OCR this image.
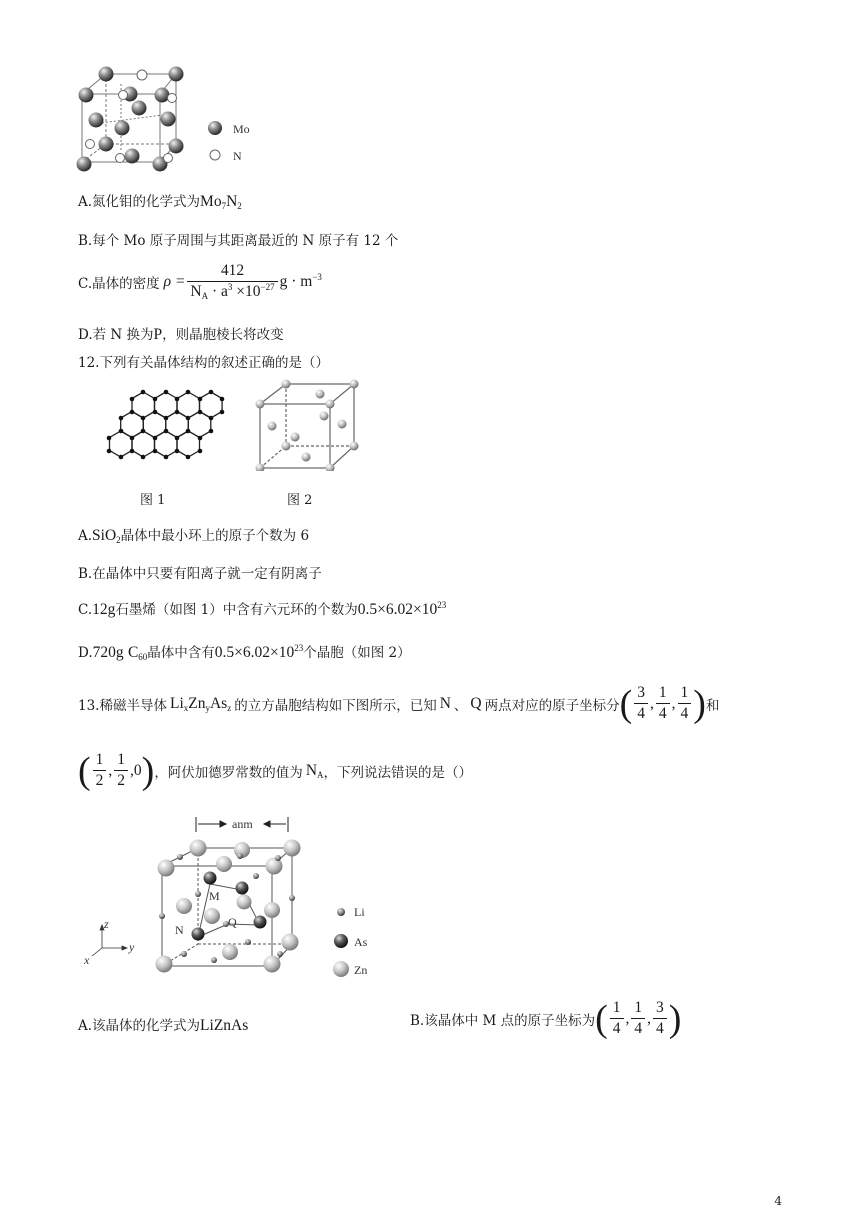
Mo
N
A.氮化钼的化学式为$Mo_7N_2$
B.每个 Mo 原子周围与其距离最近的 N 原子有 12 个
C.晶体的密度 $\rho = \frac{412}{N_A \cdot a^3 \times 10^{-27}}$ $g \cdot m^{-3}$
D.若 N 换为P，则晶胞棱长将改变
12.下列有关晶体结构的叙述正确的是（）
图 1	图 2
A.SiO$_2$晶体中最小环上的原子个数为 6
B.在晶体中只要有阳离子就一定有阴离子
C.12g石墨烯（如图 1）中含有六元环的个数为$0.5\times 6.02\times 10^{23}$
D.720g $C_{60}$晶体中含有$0.5\times 6.02\times 10^{23}$个晶胞（如图 2）
13.稀磁半导体 $Li_xZn_yAs_z$ 的立方晶胞结构如下图所示，已知 N 、 Q 两点对应的原子坐标分 ( $\frac{3}{4}$ , $\frac{1}{4}$ , $\frac{1}{4}$ ) 和
( $\frac{1}{2}$ , $\frac{1}{2}$ , 0 ) ，阿伏加德罗常数的值为 $N_A$ ，下列说法错误的是（）
anm
M
N
Q
z
y
x
Li
As
Zn
A.该晶体的化学式为LiZnAs	B.该晶体中 M 点的原子坐标为 ( $\frac{1}{4}$ , $\frac{1}{4}$ , $\frac{3}{4}$ )
4
